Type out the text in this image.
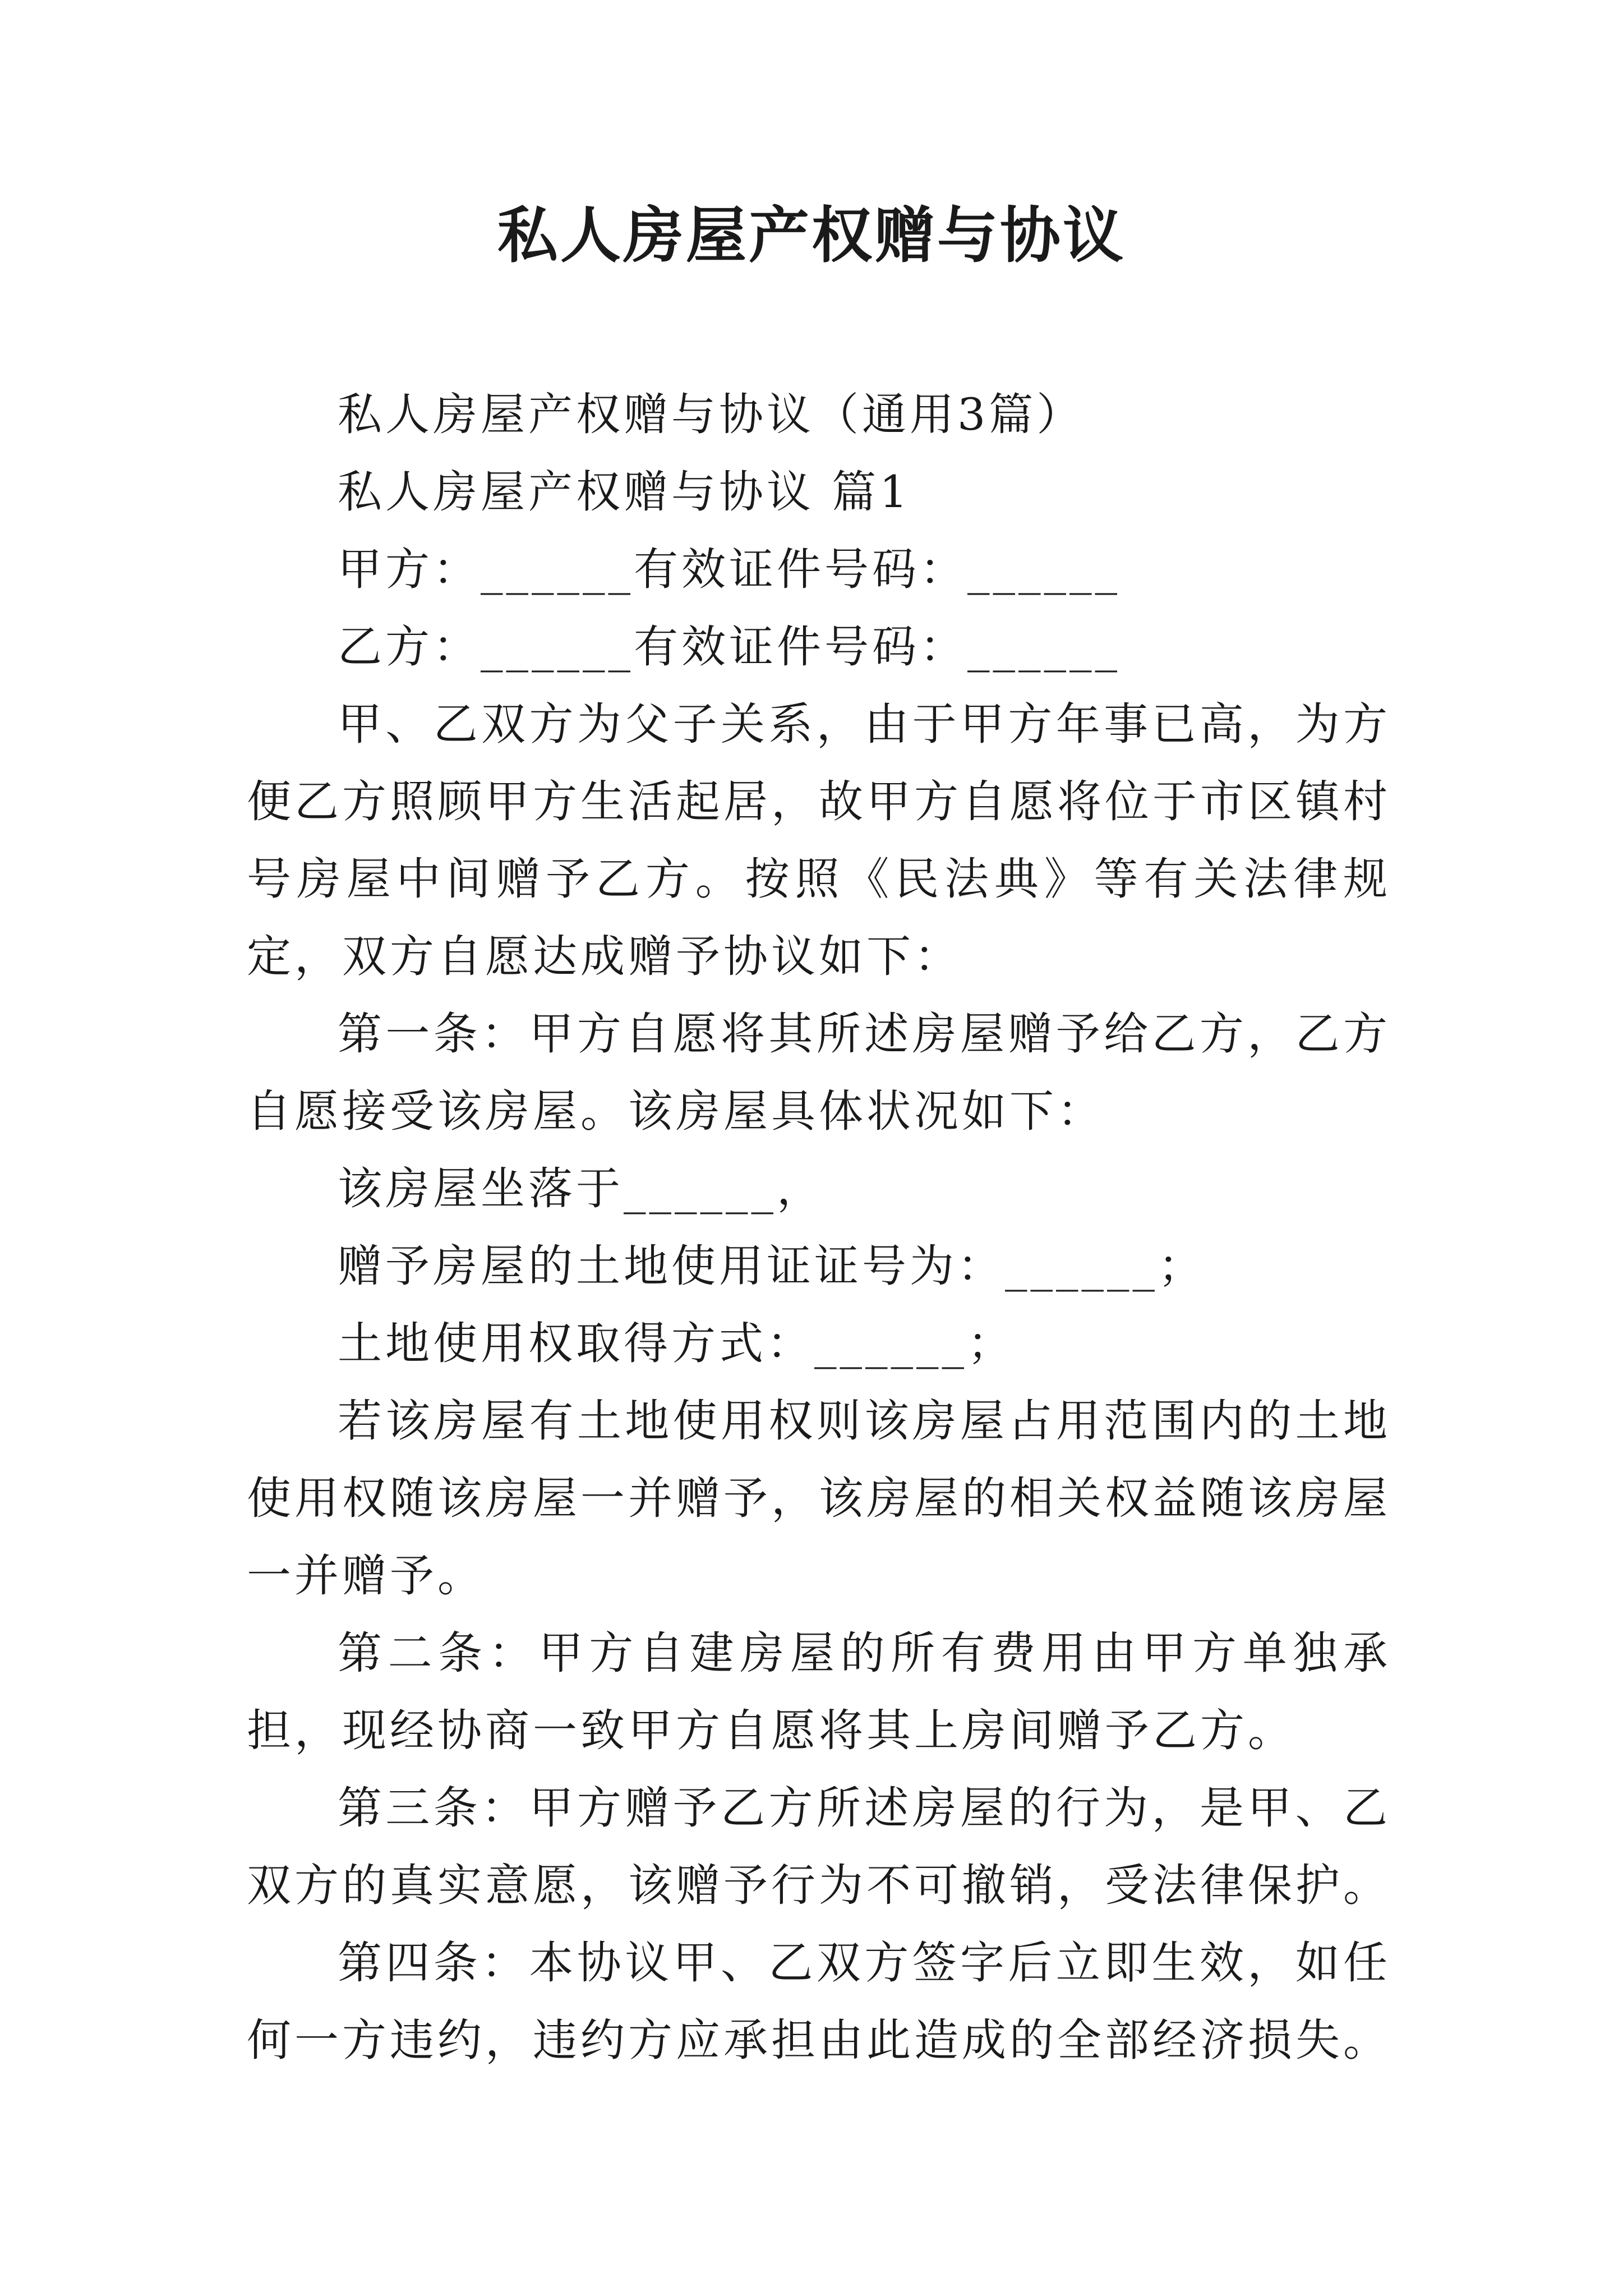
私人房屋产权赠与协议

私人房屋产权赠与协议（通用3篇）

私人房屋产权赠与协议 篇1

甲方：______有效证件号码：______

乙方：______有效证件号码：______

甲、乙双方为父子关系，由于甲方年事已高，为方便乙方照顾甲方生活起居，故甲方自愿将位于市区镇村号房屋中间赠予乙方。按照《民法典》等有关法律规定，双方自愿达成赠予协议如下：

第一条：甲方自愿将其所述房屋赠予给乙方，乙方自愿接受该房屋。该房屋具体状况如下：

该房屋坐落于______，

赠予房屋的土地使用证证号为：______；

土地使用权取得方式：______；

若该房屋有土地使用权则该房屋占用范围内的土地使用权随该房屋一并赠予，该房屋的相关权益随该房屋一并赠予。

第二条：甲方自建房屋的所有费用由甲方单独承担，现经协商一致甲方自愿将其上房间赠予乙方。

第三条：甲方赠予乙方所述房屋的行为，是甲、乙双方的真实意愿，该赠予行为不可撤销，受法律保护。

第四条：本协议甲、乙双方签字后立即生效，如任何一方违约，违约方应承担由此造成的全部经济损失。
